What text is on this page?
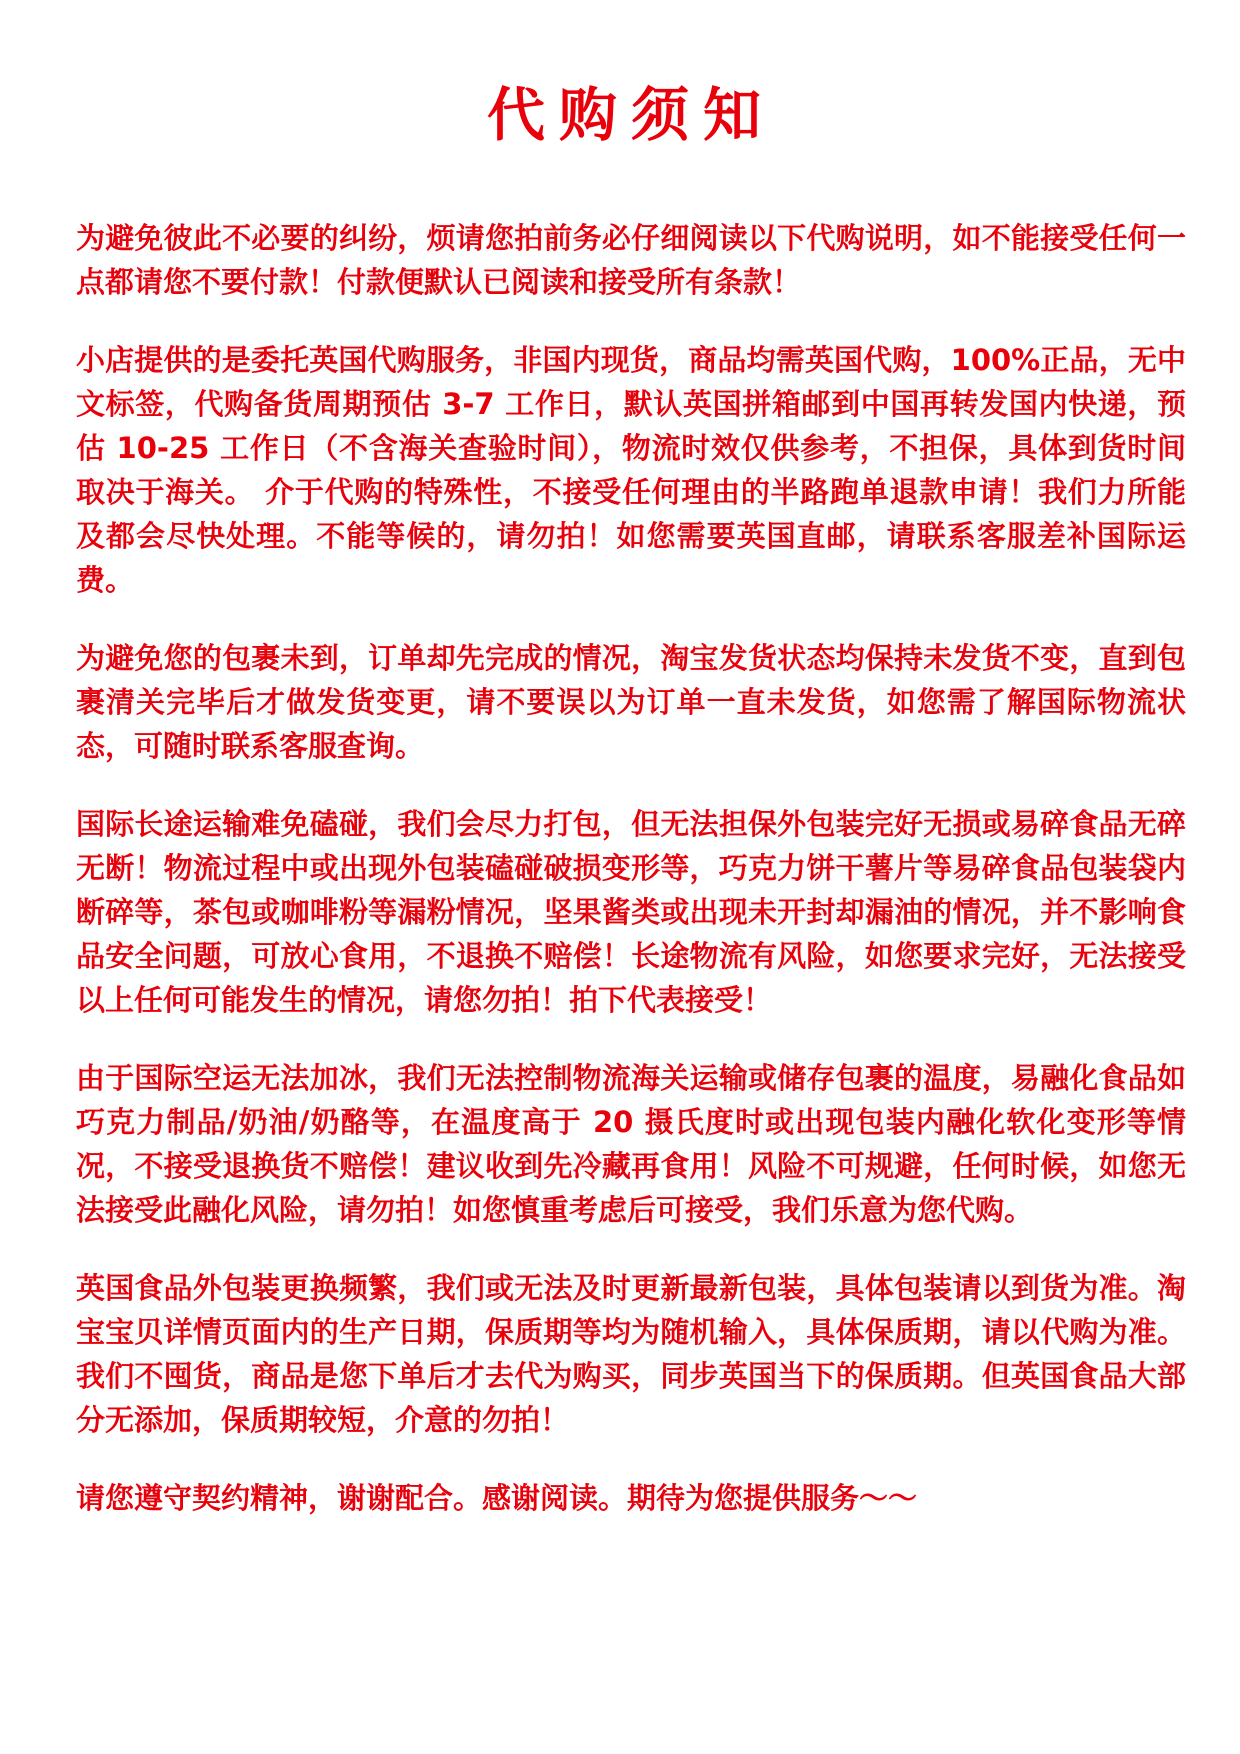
代购须知

为避免彼此不必要的纠纷，烦请您拍前务必仔细阅读以下代购说明，如不能接受任何一点都请您不要付款！付款便默认已阅读和接受所有条款！

小店提供的是委托英国代购服务，非国内现货，商品均需英国代购，100%正品，无中文标签，代购备货周期预估 3-7 工作日，默认英国拼箱邮到中国再转发国内快递，预估 10-25 工作日（不含海关查验时间），物流时效仅供参考，不担保，具体到货时间取决于海关。 介于代购的特殊性，不接受任何理由的半路跑单退款申请！我们力所能及都会尽快处理。不能等候的，请勿拍！如您需要英国直邮，请联系客服差补国际运费。

为避免您的包裹未到，订单却先完成的情况，淘宝发货状态均保持未发货不变，直到包裹清关完毕后才做发货变更，请不要误以为订单一直未发货，如您需了解国际物流状态，可随时联系客服查询。

国际长途运输难免磕碰，我们会尽力打包，但无法担保外包装完好无损或易碎食品无碎无断！物流过程中或出现外包装磕碰破损变形等，巧克力饼干薯片等易碎食品包装袋内断碎等，茶包或咖啡粉等漏粉情况，坚果酱类或出现未开封却漏油的情况，并不影响食品安全问题，可放心食用，不退换不赔偿！长途物流有风险，如您要求完好，无法接受以上任何可能发生的情况，请您勿拍！拍下代表接受！

由于国际空运无法加冰，我们无法控制物流海关运输或储存包裹的温度，易融化食品如巧克力制品/奶油/奶酪等，在温度高于 20 摄氏度时或出现包装内融化软化变形等情况，不接受退换货不赔偿！建议收到先冷藏再食用！风险不可规避，任何时候，如您无法接受此融化风险，请勿拍！如您慎重考虑后可接受，我们乐意为您代购。

英国食品外包装更换频繁，我们或无法及时更新最新包装，具体包装请以到货为准。淘宝宝贝详情页面内的生产日期，保质期等均为随机输入，具体保质期，请以代购为准。我们不囤货，商品是您下单后才去代为购买，同步英国当下的保质期。但英国食品大部分无添加，保质期较短，介意的勿拍！

请您遵守契约精神，谢谢配合。感谢阅读。期待为您提供服务～～
